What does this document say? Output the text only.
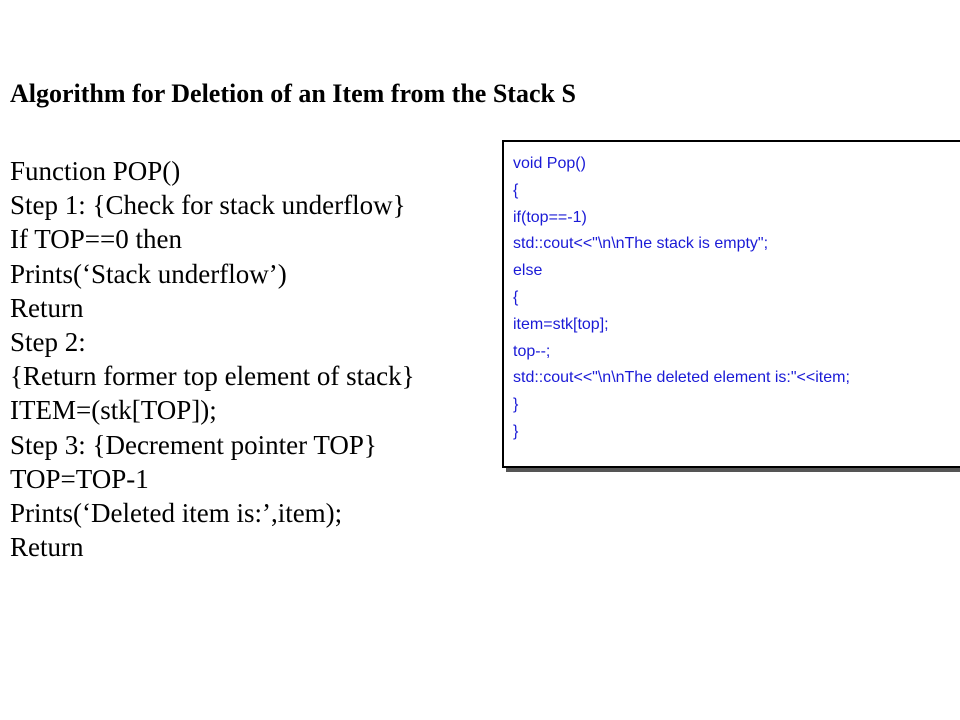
Algorithm for Deletion of an Item from the Stack S
Function POP()
Step 1: {Check for stack underflow}
If TOP==0 then
Prints(‘Stack underflow’)
Return
Step 2:
{Return former top element of stack}
ITEM=(stk[TOP]);
Step 3: {Decrement pointer TOP}
TOP=TOP-1
Prints(‘Deleted item is:’,item);
Return
void Pop()
{
if(top==-1)
std::cout<<"\n\nThe stack is empty";
else
{
item=stk[top];
top--;
std::cout<<"\n\nThe deleted element is:"<<item;
}
}
